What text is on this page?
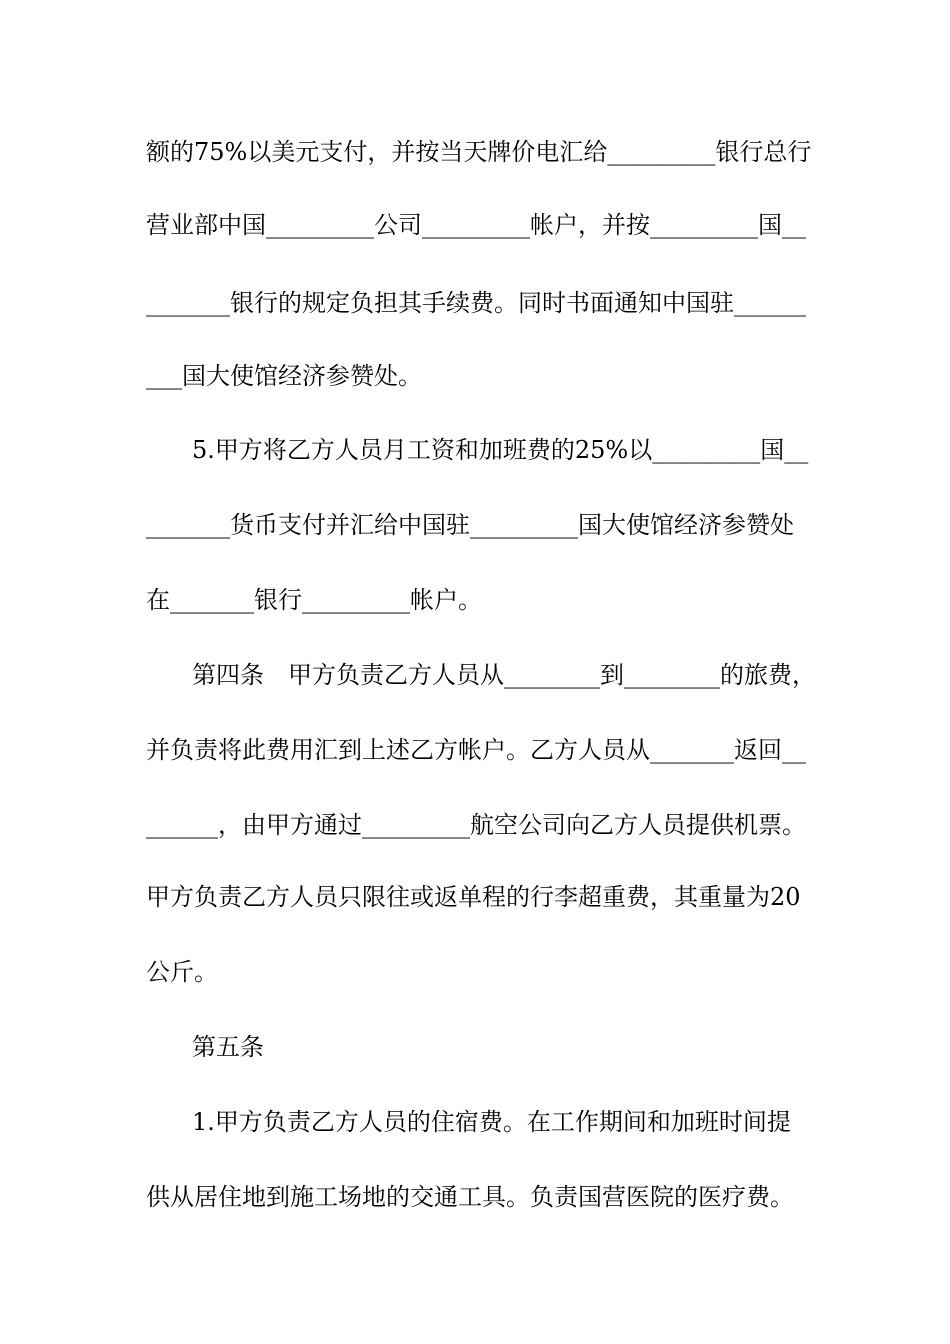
额的75%以美元支付，并按当天牌价电汇给_________银行总行
营业部中国_________公司_________帐户，并按_________国__
_______银行的规定负担其手续费。同时书面通知中国驻______
___国大使馆经济参赞处。
5.甲方将乙方人员月工资和加班费的25%以_________国__
_______货币支付并汇给中国驻_________国大使馆经济参赞处
在_______银行_________帐户。
第四条　甲方负责乙方人员从________到________的旅费，
并负责将此费用汇到上述乙方帐户。乙方人员从_______返回__
______，由甲方通过_________航空公司向乙方人员提供机票。
甲方负责乙方人员只限往或返单程的行李超重费，其重量为20
公斤。
第五条
1.甲方负责乙方人员的住宿费。在工作期间和加班时间提
供从居住地到施工场地的交通工具。负责国营医院的医疗费。
